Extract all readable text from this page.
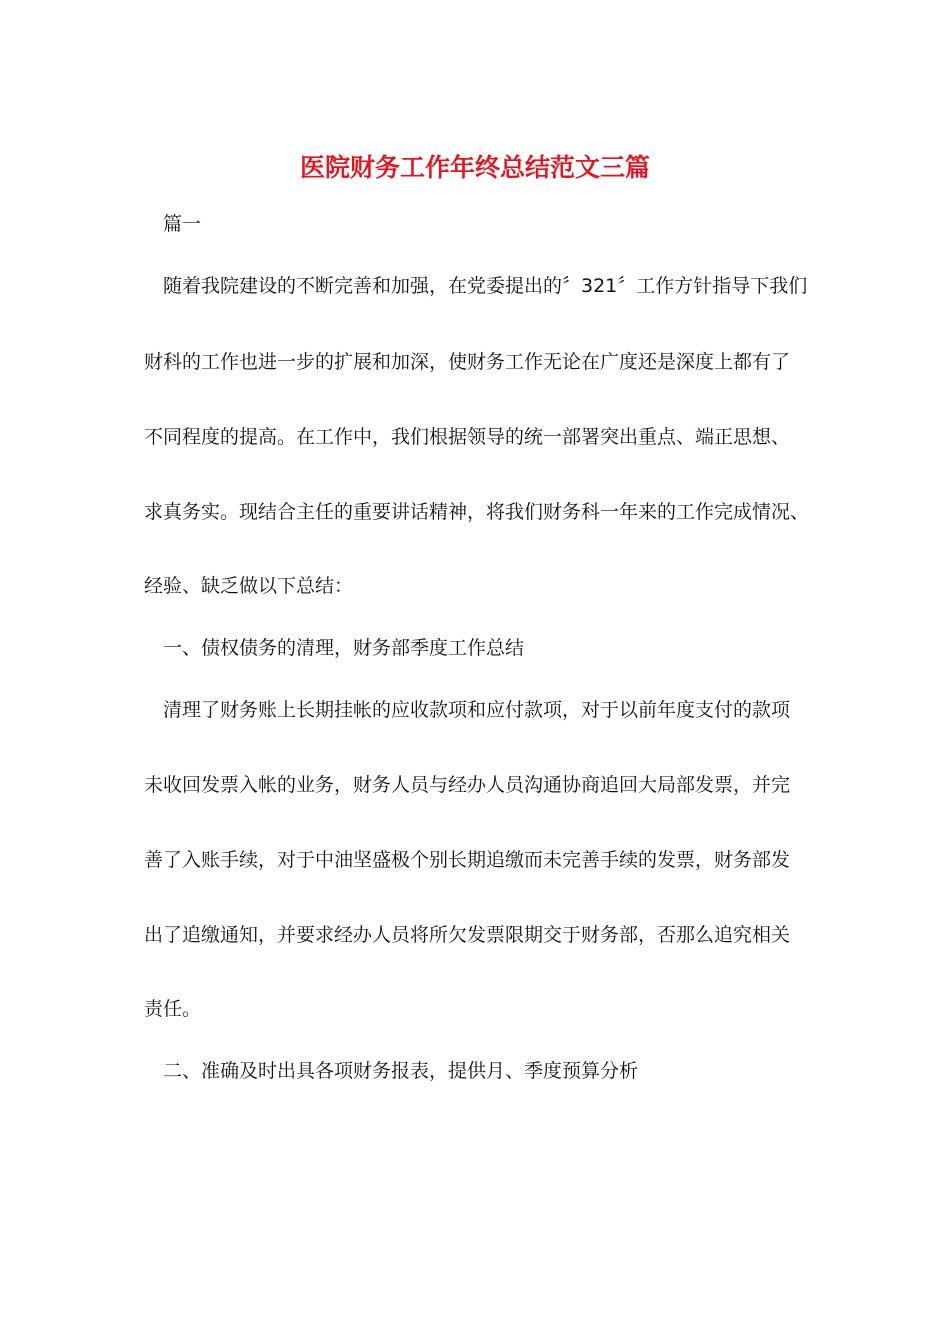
医院财务工作年终总结范文三篇

篇一

随着我院建设的不断完善和加强，在党委提出的〞321〞工作方针指导下我们

财科的工作也进一步的扩展和加深，使财务工作无论在广度还是深度上都有了

不同程度的提高。在工作中，我们根据领导的统一部署突出重点、端正思想、

求真务实。现结合主任的重要讲话精神，将我们财务科一年来的工作完成情况、

经验、缺乏做以下总结：

一、债权债务的清理，财务部季度工作总结

清理了财务账上长期挂帐的应收款项和应付款项，对于以前年度支付的款项

未收回发票入帐的业务，财务人员与经办人员沟通协商追回大局部发票，并完

善了入账手续，对于中油坚盛极个别长期追缴而未完善手续的发票，财务部发

出了追缴通知，并要求经办人员将所欠发票限期交于财务部，否那么追究相关

责任。

二、准确及时出具各项财务报表，提供月、季度预算分析
